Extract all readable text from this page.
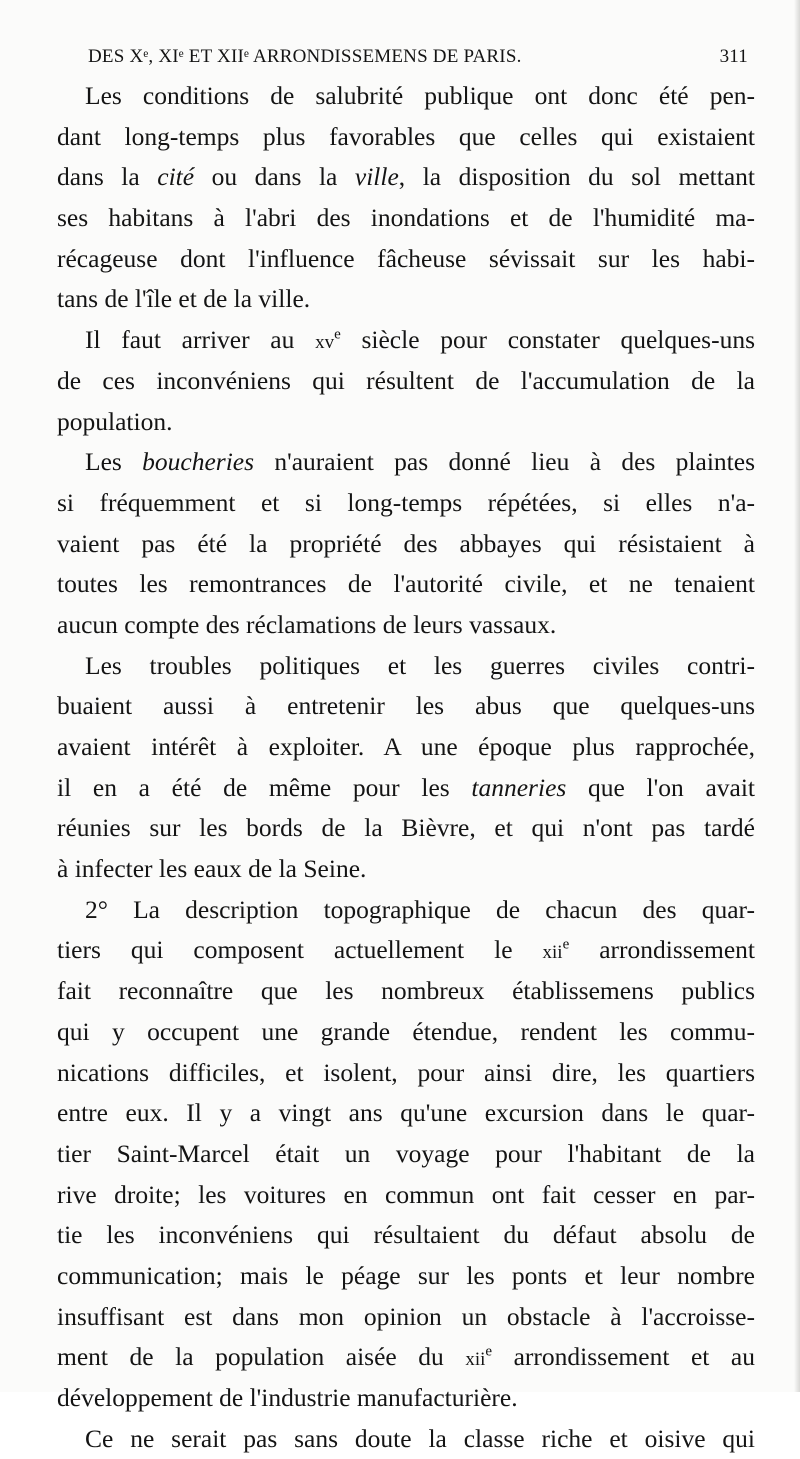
DES Xᵉ, XIᵉ ET XIIᵉ ARRONDISSEMENS DE PARIS.	311
Les conditions de salubrité publique ont donc été pen-
dant long-temps plus favorables que celles qui existaient
dans la cité ou dans la ville, la disposition du sol mettant
ses habitans à l'abri des inondations et de l'humidité ma-
récageuse dont l'influence fâcheuse sévissait sur les habi-
tans de l'île et de la ville.
Il faut arriver au $xv^e$ siècle pour constater quelques-uns
de ces inconvéniens qui résultent de l'accumulation de la
population.
Les boucheries n'auraient pas donné lieu à des plaintes
si fréquemment et si long-temps répétées, si elles n'a-
vaient pas été la propriété des abbayes qui résistaient à
toutes les remontrances de l'autorité civile, et ne tenaient
aucun compte des réclamations de leurs vassaux.
Les troubles politiques et les guerres civiles contri-
buaient aussi à entretenir les abus que quelques-uns
avaient intérêt à exploiter. A une époque plus rapprochée,
il en a été de même pour les tanneries que l'on avait
réunies sur les bords de la Bièvre, et qui n'ont pas tardé
à infecter les eaux de la Seine.
2° La description topographique de chacun des quar-
tiers qui composent actuellement le xii$^e$ arrondissement
fait reconnaître que les nombreux établissemens publics
qui y occupent une grande étendue, rendent les commu-
nications difficiles, et isolent, pour ainsi dire, les quartiers
entre eux. Il y a vingt ans qu'une excursion dans le quar-
tier Saint-Marcel était un voyage pour l'habitant de la
rive droite; les voitures en commun ont fait cesser en par-
tie les inconvéniens qui résultaient du défaut absolu de
communication; mais le péage sur les ponts et leur nombre
insuffisant est dans mon opinion un obstacle à l'accroisse-
ment de la population aisée du xii$^e$ arrondissement et au
développement de l'industrie manufacturière.
Ce ne serait pas sans doute la classe riche et oisive qui
